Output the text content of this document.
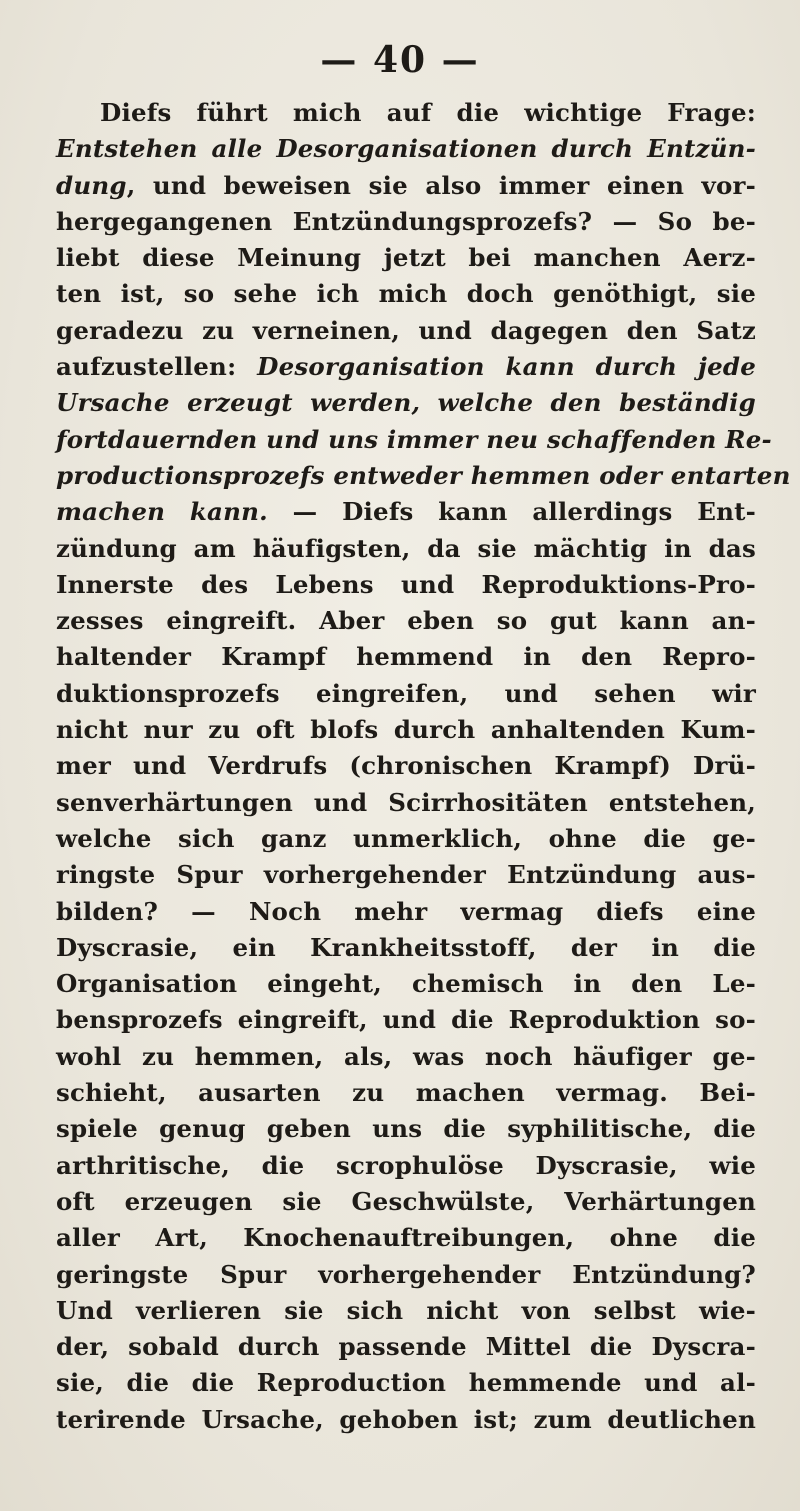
— 40 —
Diefs führt mich auf die wichtige Frage:
Entstehen alle Desorganisationen durch Entzün-
dung, und beweisen sie also immer einen vor-
hergegangenen Entzündungsprozefs? — So be-
liebt diese Meinung jetzt bei manchen Aerz-
ten ist, so sehe ich mich doch genöthigt, sie
geradezu zu verneinen, und dagegen den Satz
aufzustellen: Desorganisation kann durch jede
Ursache erzeugt werden, welche den beständig
fortdauernden und uns immer neu schaffenden Re-
productionsprozefs entweder hemmen oder entarten
machen kann. — Diefs kann allerdings Ent-
zündung am häufigsten, da sie mächtig in das
Innerste des Lebens und Reproduktions-Pro-
zesses eingreift. Aber eben so gut kann an-
haltender Krampf hemmend in den Repro-
duktionsprozefs eingreifen, und sehen wir
nicht nur zu oft blofs durch anhaltenden Kum-
mer und Verdrufs (chronischen Krampf) Drü-
senverhärtungen und Scirrhositäten entstehen,
welche sich ganz unmerklich, ohne die ge-
ringste Spur vorhergehender Entzündung aus-
bilden? — Noch mehr vermag diefs eine
Dyscrasie, ein Krankheitsstoff, der in die
Organisation eingeht, chemisch in den Le-
bensprozefs eingreift, und die Reproduktion so-
wohl zu hemmen, als, was noch häufiger ge-
schieht, ausarten zu machen vermag. Bei-
spiele genug geben uns die syphilitische, die
arthritische, die scrophulöse Dyscrasie, wie
oft erzeugen sie Geschwülste, Verhärtungen
aller Art, Knochenauftreibungen, ohne die
geringste Spur vorhergehender Entzündung?
Und verlieren sie sich nicht von selbst wie-
der, sobald durch passende Mittel die Dyscra-
sie, die die Reproduction hemmende und al-
terirende Ursache, gehoben ist; zum deutlichen
